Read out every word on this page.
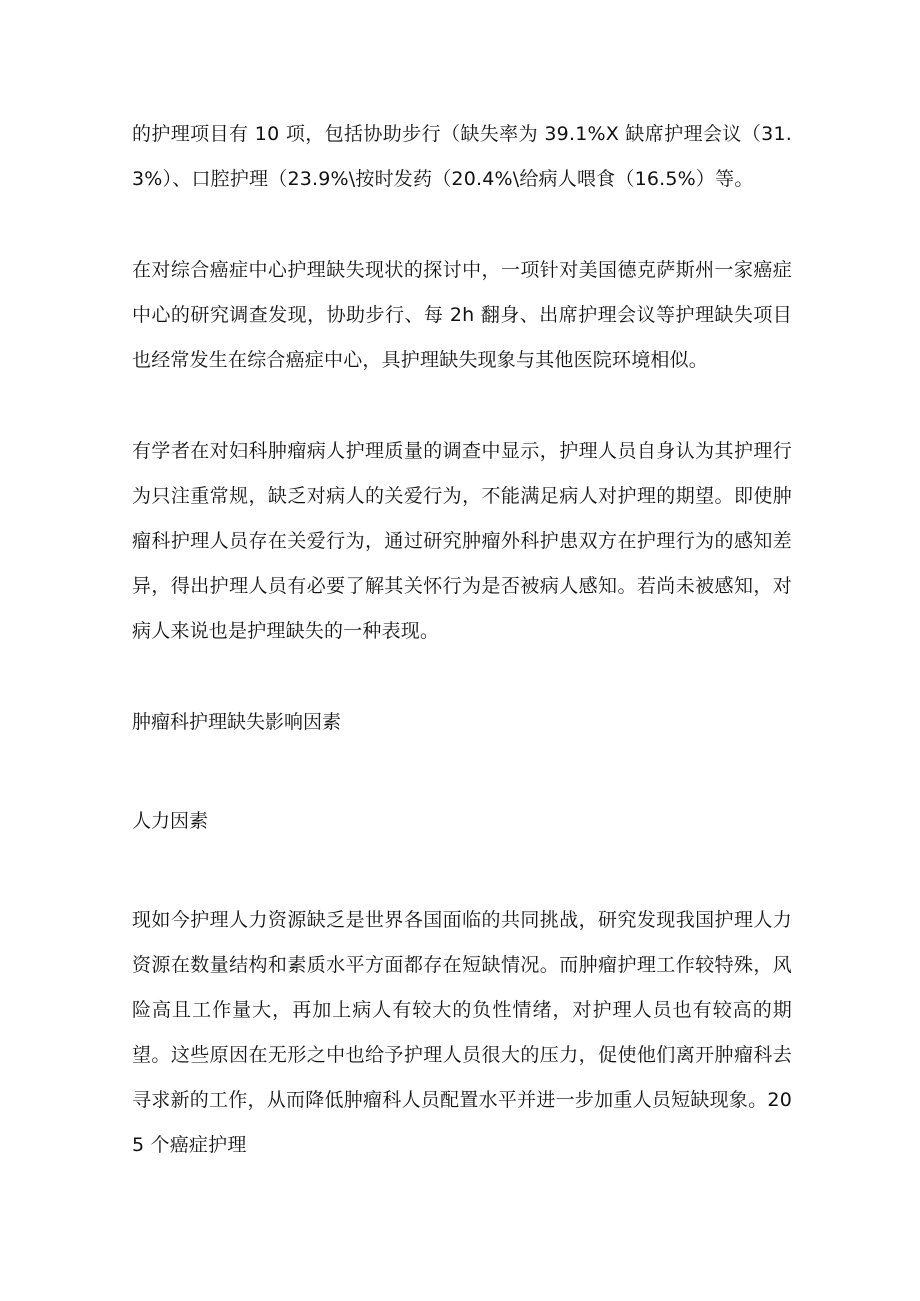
的护理项目有 10 项，包括协助步行（缺失率为 39.1%X 缺席护理会议（31.3%）、口腔护理（23.9%\按时发药（20.4%\给病人喂食（16.5%）等。

在对综合癌症中心护理缺失现状的探讨中，一项针对美国德克萨斯州一家癌症中心的研究调查发现，协助步行、每 2h 翻身、出席护理会议等护理缺失项目也经常发生在综合癌症中心，具护理缺失现象与其他医院环境相似。

有学者在对妇科肿瘤病人护理质量的调查中显示，护理人员自身认为其护理行为只注重常规，缺乏对病人的关爱行为，不能满足病人对护理的期望。即使肿瘤科护理人员存在关爱行为，通过研究肿瘤外科护患双方在护理行为的感知差异，得出护理人员有必要了解其关怀行为是否被病人感知。若尚未被感知，对病人来说也是护理缺失的一种表现。

肿瘤科护理缺失影响因素

人力因素

现如今护理人力资源缺乏是世界各国面临的共同挑战，研究发现我国护理人力资源在数量结构和素质水平方面都存在短缺情况。而肿瘤护理工作较特殊，风险高且工作量大，再加上病人有较大的负性情绪，对护理人员也有较高的期望。这些原因在无形之中也给予护理人员很大的压力，促使他们离开肿瘤科去寻求新的工作，从而降低肿瘤科人员配置水平并进一步加重人员短缺现象。205 个癌症护理
